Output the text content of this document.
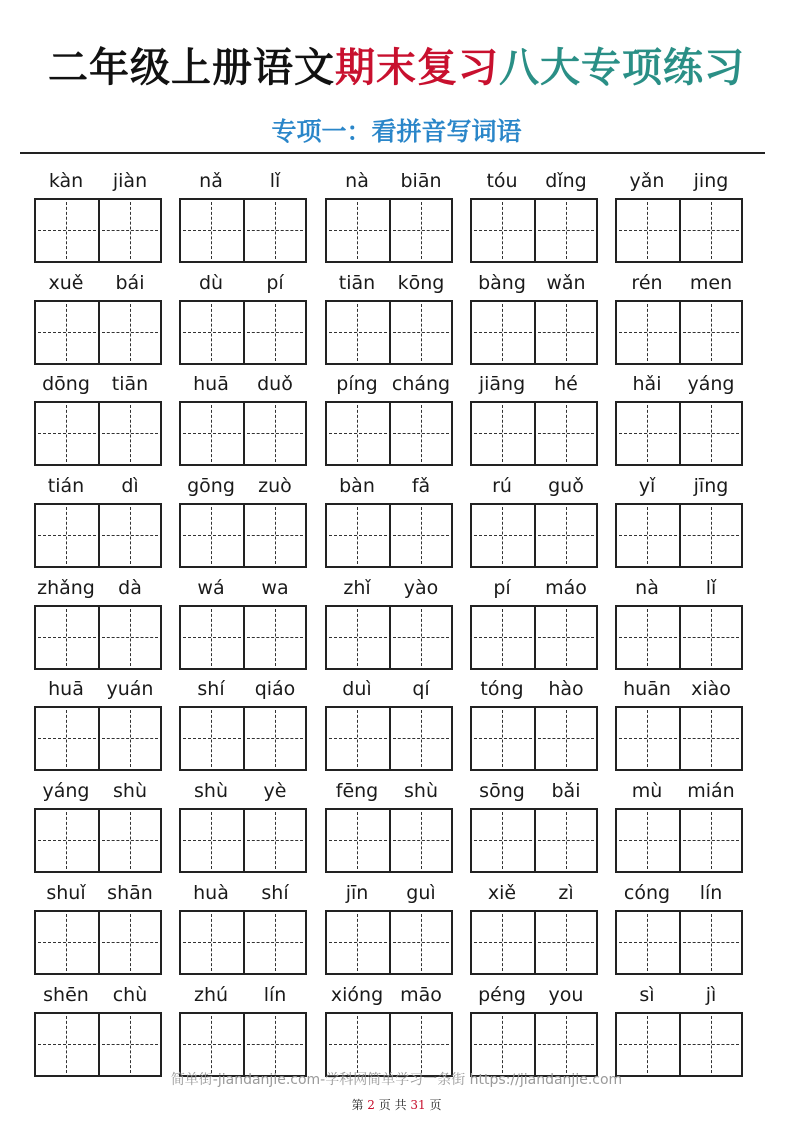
二年级上册语文期末复习八大专项练习
专项一：看拼音写词语
kàn	jiàn	nǎ	lǐ	nà	biān	tóu	dǐng	yǎn	jing
xuě	bái	dù	pí	tiān	kōng	bàng	wǎn	rén	men
dōng	tiān	huā	duǒ	píng cháng	jiāng	hé	hǎi	yáng
tián	dì	gōng	zuò	bàn	fǎ	rú	guǒ	yǐ	jīng
zhǎng	dà	wá	wa	zhǐ	yào	pí	máo	nà	lǐ
huā	yuán	shí	qiáo	duì	qí	tóng	hào	huān	xiào
yáng	shù	shù	yè	fēng	shù	sōng	bǎi	mù	mián
shuǐ	shān	huà	shí	jīn	guì	xiě	zì	cóng	lín
shēn	chù	zhú	lín	xióng māo	péng	you	sì	jì
简单街-jiandanjie.com-学科网简单学习一条街 https://jiandanjie.com
第 2 页 共 31 页
